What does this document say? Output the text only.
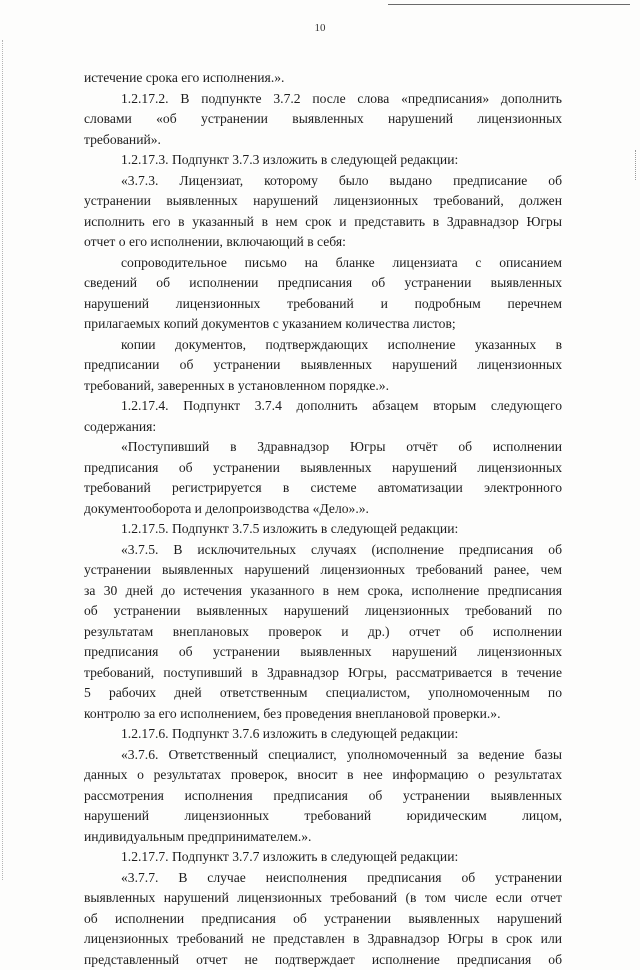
10
истечение срока его исполнения.».
1.2.17.2. В подпункте 3.7.2 после слова «предписания» дополнить
словами «об устранении выявленных нарушений лицензионных
требований».
1.2.17.3. Подпункт 3.7.3 изложить в следующей редакции:
«3.7.3. Лицензиат, которому было выдано предписание об
устранении выявленных нарушений лицензионных требований, должен
исполнить его в указанный в нем срок и представить в Здравнадзор Югры
отчет о его исполнении, включающий в себя:
сопроводительное письмо на бланке лицензиата с описанием
сведений об исполнении предписания об устранении выявленных
нарушений лицензионных требований и подробным перечнем
прилагаемых копий документов с указанием количества листов;
копии документов, подтверждающих исполнение указанных в
предписании об устранении выявленных нарушений лицензионных
требований, заверенных в установленном порядке.».
1.2.17.4. Подпункт 3.7.4 дополнить абзацем вторым следующего
содержания:
«Поступивший в Здравнадзор Югры отчёт об исполнении
предписания об устранении выявленных нарушений лицензионных
требований регистрируется в системе автоматизации электронного
документооборота и делопроизводства «Дело».».
1.2.17.5. Подпункт 3.7.5 изложить в следующей редакции:
«3.7.5. В исключительных случаях (исполнение предписания об
устранении выявленных нарушений лицензионных требований ранее, чем
за 30 дней до истечения указанного в нем срока, исполнение предписания
об устранении выявленных нарушений лицензионных требований по
результатам внеплановых проверок и др.) отчет об исполнении
предписания об устранении выявленных нарушений лицензионных
требований, поступивший в Здравнадзор Югры, рассматривается в течение
5 рабочих дней ответственным специалистом, уполномоченным по
контролю за его исполнением, без проведения внеплановой проверки.».
1.2.17.6. Подпункт 3.7.6 изложить в следующей редакции:
«3.7.6. Ответственный специалист, уполномоченный за ведение базы
данных о результатах проверок, вносит в нее информацию о результатах
рассмотрения исполнения предписания об устранении выявленных
нарушений лицензионных требований юридическим лицом,
индивидуальным предпринимателем.».
1.2.17.7. Подпункт 3.7.7 изложить в следующей редакции:
«3.7.7. В случае неисполнения предписания об устранении
выявленных нарушений лицензионных требований (в том числе если отчет
об исполнении предписания об устранении выявленных нарушений
лицензионных требований не представлен в Здравнадзор Югры в срок или
представленный отчет не подтверждает исполнение предписания об
